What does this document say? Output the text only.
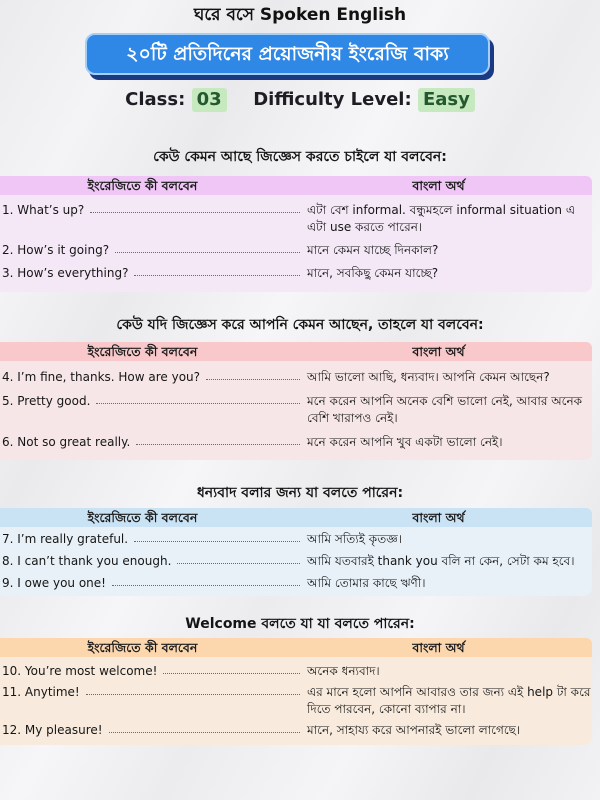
ঘরে বসে Spoken English
২০টি প্রতিদিনের প্রয়োজনীয় ইংরেজি বাক্য
Class: 03 Difficulty Level: Easy
কেউ কেমন আছে জিজ্ঞেস করতে চাইলে যা বলবেন:
ইংরেজিতে কী বলবেন	বাংলা অর্থ
1. What’s up?	এটা বেশ informal. বন্ধুমহলে informal situation এ এটা use করতে পারেন।
2. How’s it going?	মানে কেমন যাচ্ছে দিনকাল?
3. How’s everything?	মানে, সবকিছু কেমন যাচ্ছে?
কেউ যদি জিজ্ঞেস করে আপনি কেমন আছেন, তাহলে যা বলবেন:
ইংরেজিতে কী বলবেন	বাংলা অর্থ
4. I’m fine, thanks. How are you?	আমি ভালো আছি, ধন্যবাদ। আপনি কেমন আছেন?
5. Pretty good.	মনে করেন আপনি অনেক বেশি ভালো নেই, আবার অনেক বেশি খারাপও নেই।
6. Not so great really.	মনে করেন আপনি খুব একটা ভালো নেই।
ধন্যবাদ বলার জন্য যা বলতে পারেন:
ইংরেজিতে কী বলবেন	বাংলা অর্থ
7. I’m really grateful.	আমি সত্যিই কৃতজ্ঞ।
8. I can’t thank you enough.	আমি যতবারই thank you বলি না কেন, সেটা কম হবে।
9. I owe you one!	আমি তোমার কাছে ঋণী।
Welcome বলতে যা যা বলতে পারেন:
ইংরেজিতে কী বলবেন	বাংলা অর্থ
10. You’re most welcome!	অনেক ধন্যবাদ।
11. Anytime!	এর মানে হলো আপনি আবারও তার জন্য এই help টা করে দিতে পারবেন, কোনো ব্যাপার না।
12. My pleasure!	মানে, সাহায্য করে আপনারই ভালো লাগেছে।
